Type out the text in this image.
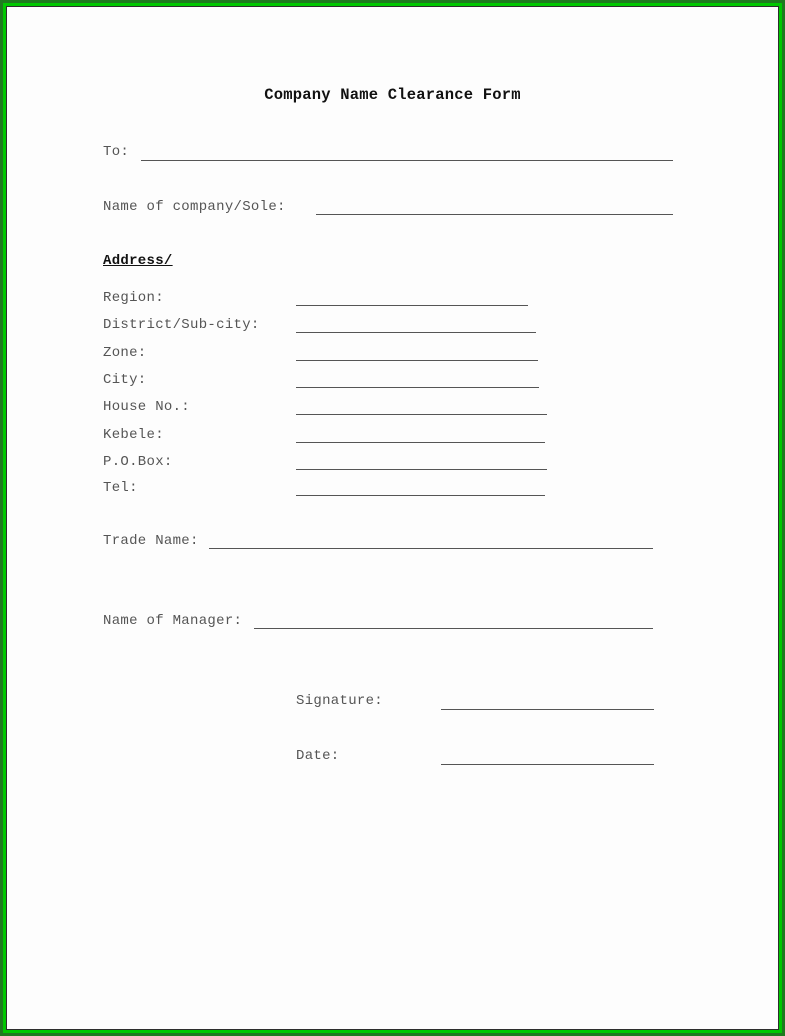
Company Name Clearance Form
To:
Name of company/Sole:
Address/
Region:
District/Sub-city:
Zone:
City:
House No.:
Kebele:
P.O.Box:
Tel:
Trade Name:
Name of Manager:
Signature:
Date:
